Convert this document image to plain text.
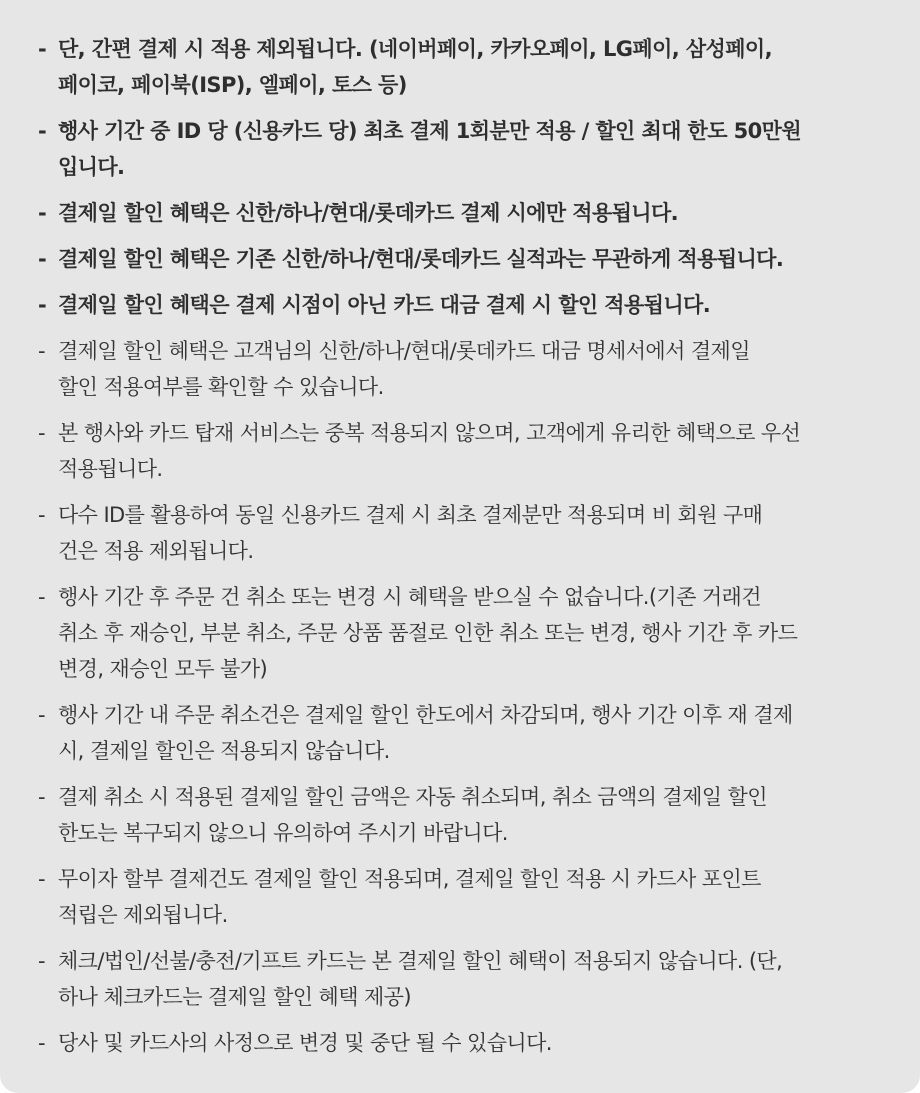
- 단, 간편 결제 시 적용 제외됩니다. (네이버페이, 카카오페이, LG페이, 삼성페이,
페이코, 페이북(ISP), 엘페이, 토스 등)
- 행사 기간 중 ID 당 (신용카드 당) 최초 결제 1회분만 적용 / 할인 최대 한도 50만원
입니다.
- 결제일 할인 혜택은 신한/하나/현대/롯데카드 결제 시에만 적용됩니다.
- 결제일 할인 혜택은 기존 신한/하나/현대/롯데카드 실적과는 무관하게 적용됩니다.
- 결제일 할인 혜택은 결제 시점이 아닌 카드 대금 결제 시 할인 적용됩니다.
- 결제일 할인 혜택은 고객님의 신한/하나/현대/롯데카드 대금 명세서에서 결제일
할인 적용여부를 확인할 수 있습니다.
- 본 행사와 카드 탑재 서비스는 중복 적용되지 않으며, 고객에게 유리한 혜택으로 우선
적용됩니다.
- 다수 ID를 활용하여 동일 신용카드 결제 시 최초 결제분만 적용되며 비 회원 구매
건은 적용 제외됩니다.
- 행사 기간 후 주문 건 취소 또는 변경 시 혜택을 받으실 수 없습니다.(기존 거래건
취소 후 재승인, 부분 취소, 주문 상품 품절로 인한 취소 또는 변경, 행사 기간 후 카드
변경, 재승인 모두 불가)
- 행사 기간 내 주문 취소건은 결제일 할인 한도에서 차감되며, 행사 기간 이후 재 결제
시, 결제일 할인은 적용되지 않습니다.
- 결제 취소 시 적용된 결제일 할인 금액은 자동 취소되며, 취소 금액의 결제일 할인
한도는 복구되지 않으니 유의하여 주시기 바랍니다.
- 무이자 할부 결제건도 결제일 할인 적용되며, 결제일 할인 적용 시 카드사 포인트
적립은 제외됩니다.
- 체크/법인/선불/충전/기프트 카드는 본 결제일 할인 혜택이 적용되지 않습니다. (단,
하나 체크카드는 결제일 할인 혜택 제공)
- 당사 및 카드사의 사정으로 변경 및 중단 될 수 있습니다.
